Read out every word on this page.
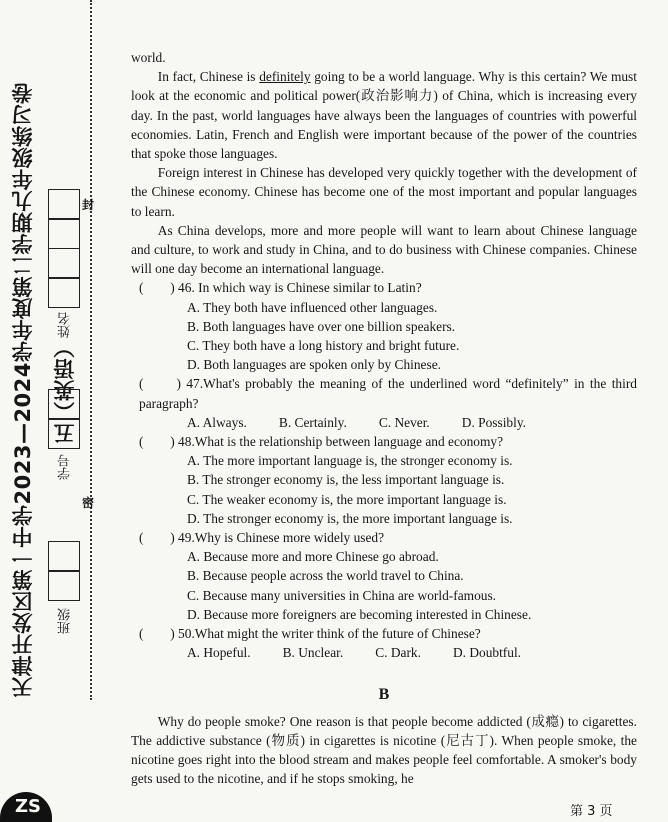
天津开发区第一中学2023—2024学年度第二学期九年级练习卷五（英语）
姓名
封
学号
密
班级
ZS

world.

In fact, Chinese is definitely going to be a world language. Why is this certain? We must look at the economic and political power(政治影响力) of China, which is increasing every day. In the past, world languages have always been the languages of countries with powerful economies. Latin, French and English were important because of the power of the countries that spoke those languages.

Foreign interest in Chinese has developed very quickly together with the development of the Chinese economy. Chinese has become one of the most important and popular languages to learn.

As China develops, more and more people will want to learn about Chinese language and culture, to work and study in China, and to do business with Chinese companies. Chinese will one day become an international language.

(　　) 46. In which way is Chinese similar to Latin?

A. They both have influenced other languages.

B. Both languages have over one billion speakers.

C. They both have a long history and bright future.

D. Both languages are spoken only by Chinese.

(　　) 47.What's probably the meaning of the underlined word “definitely” in the third paragraph?

A. Always. B. Certainly. C. Never. D. Possibly.

(　　) 48.What is the relationship between language and economy?

A. The more important language is, the stronger economy is.

B. The stronger economy is, the less important language is.

C. The weaker economy is, the more important language is.

D. The stronger economy is, the more important language is.

(　　) 49.Why is Chinese more widely used?

A. Because more and more Chinese go abroad.

B. Because people across the world travel to China.

C. Because many universities in China are world-famous.

D. Because more foreigners are becoming interested in Chinese.

(　　) 50.What might the writer think of the future of Chinese?

A. Hopeful. B. Unclear. C. Dark. D. Doubtful.
B

Why do people smoke? One reason is that people become addicted (成瘾) to cigarettes. The addictive substance (物质) in cigarettes is nicotine (尼古丁). When people smoke, the nicotine goes right into the blood stream and makes people feel comfortable. A smoker's body gets used to the nicotine, and if he stops smoking, he

第 3 页
